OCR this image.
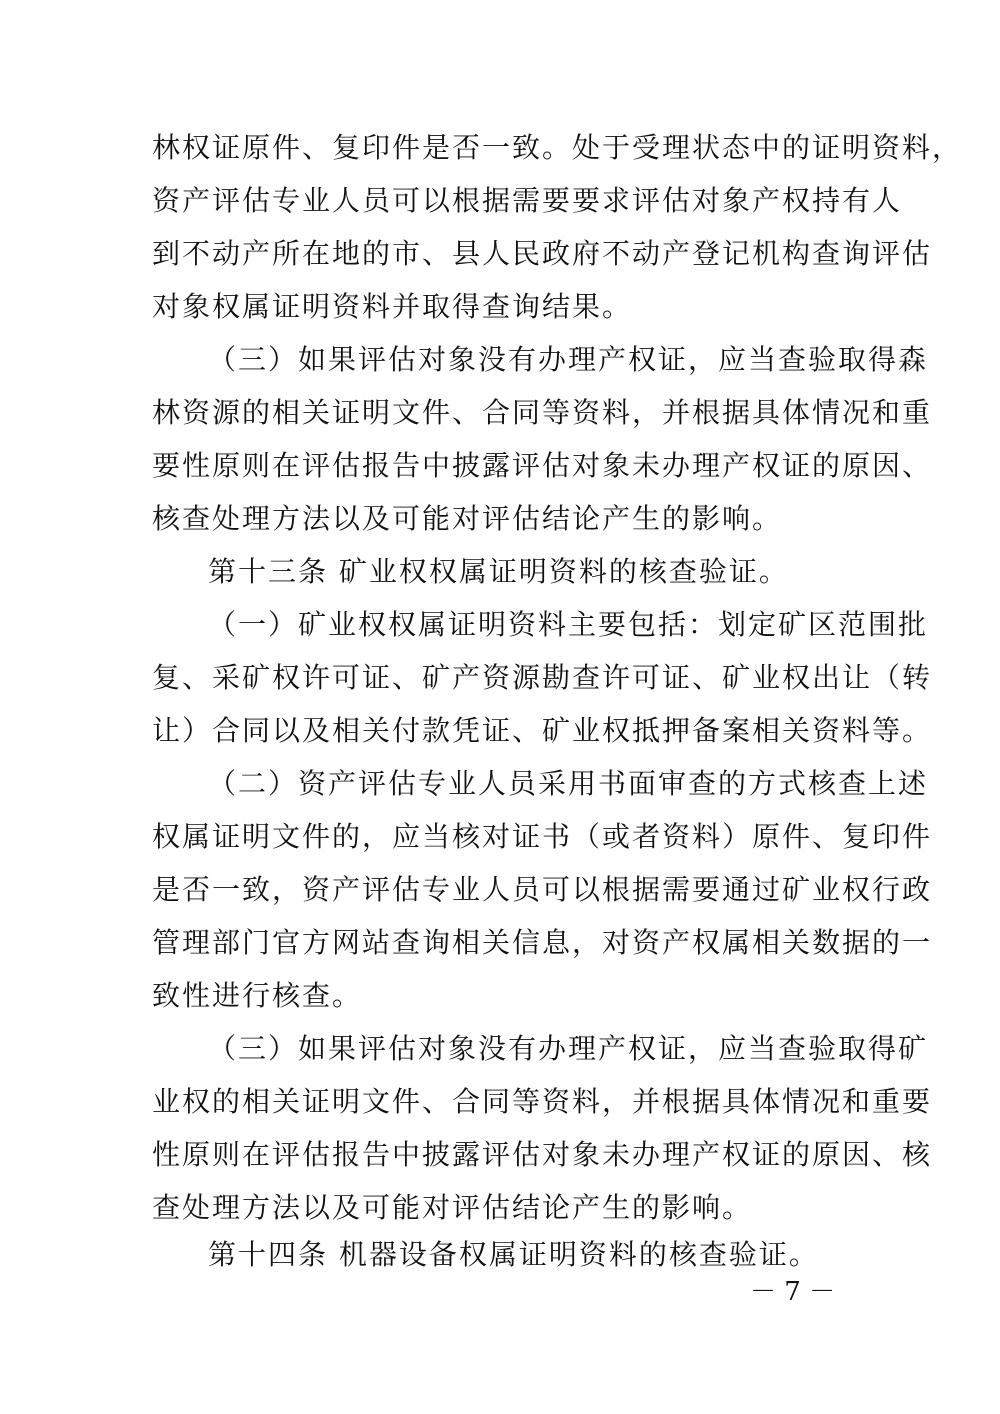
林权证原件、复印件是否一致。处于受理状态中的证明资料，
资产评估专业人员可以根据需要要求评估对象产权持有人
到不动产所在地的市、县人民政府不动产登记机构查询评估
对象权属证明资料并取得查询结果。
（三）如果评估对象没有办理产权证，应当查验取得森
林资源的相关证明文件、合同等资料，并根据具体情况和重
要性原则在评估报告中披露评估对象未办理产权证的原因、
核查处理方法以及可能对评估结论产生的影响。
第十三条 矿业权权属证明资料的核查验证。
（一）矿业权权属证明资料主要包括：划定矿区范围批
复、采矿权许可证、矿产资源勘查许可证、矿业权出让（转
让）合同以及相关付款凭证、矿业权抵押备案相关资料等。
（二）资产评估专业人员采用书面审查的方式核查上述
权属证明文件的，应当核对证书（或者资料）原件、复印件
是否一致，资产评估专业人员可以根据需要通过矿业权行政
管理部门官方网站查询相关信息，对资产权属相关数据的一
致性进行核查。
（三）如果评估对象没有办理产权证，应当查验取得矿
业权的相关证明文件、合同等资料，并根据具体情况和重要
性原则在评估报告中披露评估对象未办理产权证的原因、核
查处理方法以及可能对评估结论产生的影响。
第十四条 机器设备权属证明资料的核查验证。
－ 7 －
